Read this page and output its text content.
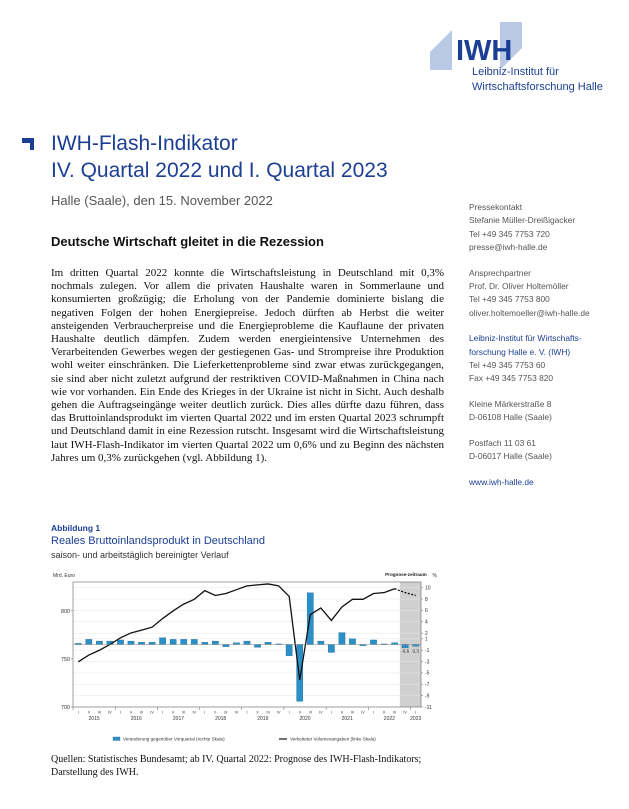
IWH
Leibniz-Institut für
Wirtschaftsforschung Halle
IWH-Flash-Indikator
IV. Quartal 2022 und I. Quartal 2023
Halle (Saale), den 15. November 2022
Deutsche Wirtschaft gleitet in die Rezession
Im dritten Quartal 2022 konnte die Wirtschaftsleistung in Deutschland mit 0,3% nochmals zulegen. Vor allem die privaten Haushalte waren in Sommerlaune und konsumierten großzügig; die Erholung von der Pandemie dominierte bislang die negativen Folgen der hohen Energiepreise. Jedoch dürften ab Herbst die weiter ansteigenden Verbraucherpreise und die Energieprobleme die Kauflaune der privaten Haushalte deutlich dämpfen. Zudem werden energieintensive Unternehmen des Verarbeitenden Gewerbes wegen der gestiegenen Gas- und Strompreise ihre Produktion wohl weiter einschränken. Die Lieferkettenprobleme sind zwar etwas zurückgegangen, sie sind aber nicht zuletzt aufgrund der restriktiven COVID-Maßnahmen in China nach wie vor vorhanden. Ein Ende des Krieges in der Ukraine ist nicht in Sicht. Auch deshalb gehen die Auftragseingänge weiter deutlich zurück. Dies alles dürfte dazu führen, dass das Bruttoinlandsprodukt im vierten Quartal 2022 und im ersten Quartal 2023 schrumpft und Deutschland damit in eine Rezession rutscht. Insgesamt wird die Wirtschaftsleistung laut IWH-Flash-Indikator im vierten Quartal 2022 um 0,6% und zu Beginn des nächsten Jahres um 0,3% zurückgehen (vgl. Abbildung 1).

Pressekontakt
Stefanie Müller-Dreißigacker
Tel +49 345 7753 720
presse@iwh-halle.de

Ansprechpartner
Prof. Dr. Oliver Holtemöller
Tel +49 345 7753 800
oliver.holtemoeller@iwh-halle.de

Leibniz-Institut für Wirtschafts-
forschung Halle e. V. (IWH)
Tel +49 345 7753 60
Fax +49 345 7753 820

Kleine Märkerstraße 8
D-06108 Halle (Saale)

Postfach 11 03 61
D-06017 Halle (Saale)

www.iwh-halle.de

Abbildung 1
Reales Bruttoinlandsprodukt in Deutschland
saison- und arbeitstäglich bereinigter Verlauf
Prognose-zeitraum
Mrd. Euro
700
750
800
%
-11
-9
-7
-5
-3
-1
1
2
4
6
8
10
I II III IV I II III IV I II III IV I II III IV I II III IV I II III IV I II III IV I II III IV I
2015	2016	2017	2018	2019	2020	2021	2022	2023
-0,6 0,3
Veränderung gegenüber Vorquartal (rechte Skala)	Verketteter Volumenangaben (linke Skala)
Quellen: Statistisches Bundesamt; ab IV. Quartal 2022: Prognose des IWH-Flash-Indikators;
Darstellung des IWH.
